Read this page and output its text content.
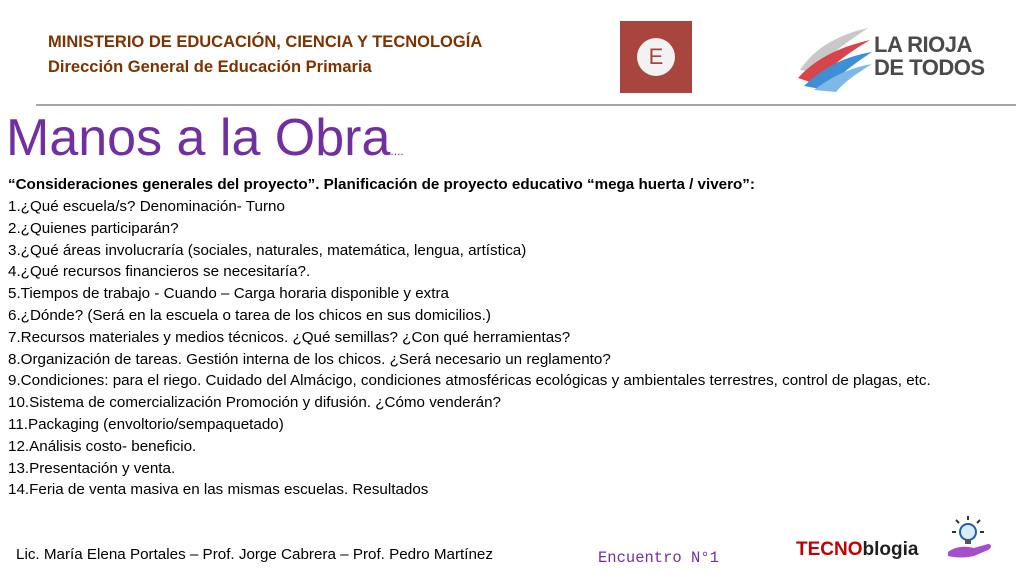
MINISTERIO DE EDUCACIÓN, CIENCIA Y TECNOLOGÍA
Dirección General de Educación Primaria	E	LA RIOJA
DE TODOS
Manos a la Obra....
“Consideraciones generales del proyecto”. Planificación de proyecto educativo “mega huerta / vivero”:
1.¿Qué escuela/s? Denominación- Turno
2.¿Quienes participarán?
3.¿Qué áreas involucraría (sociales, naturales, matemática, lengua, artística)
4.¿Qué recursos financieros se necesitaría?.
5.Tiempos de trabajo - Cuando – Carga horaria disponible y extra
6.¿Dónde? (Será en la escuela o tarea de los chicos en sus domicilios.)
7.Recursos materiales y medios técnicos. ¿Qué semillas? ¿Con qué herramientas?
8.Organización de tareas. Gestión interna de los chicos. ¿Será necesario un reglamento?
9.Condiciones: para el riego. Cuidado del Almácigo, condiciones atmosféricas ecológicas y ambientales terrestres, control de plagas, etc.
10.Sistema de comercialización Promoción y difusión. ¿Cómo venderán?
11.Packaging (envoltorio/sempaquetado)
12.Análisis costo- beneficio.
13.Presentación y venta.
14.Feria de venta masiva en las mismas escuelas. Resultados
Lic. María Elena Portales – Prof. Jorge Cabrera – Prof. Pedro Martínez	Encuentro N°1	TECNOblogia
